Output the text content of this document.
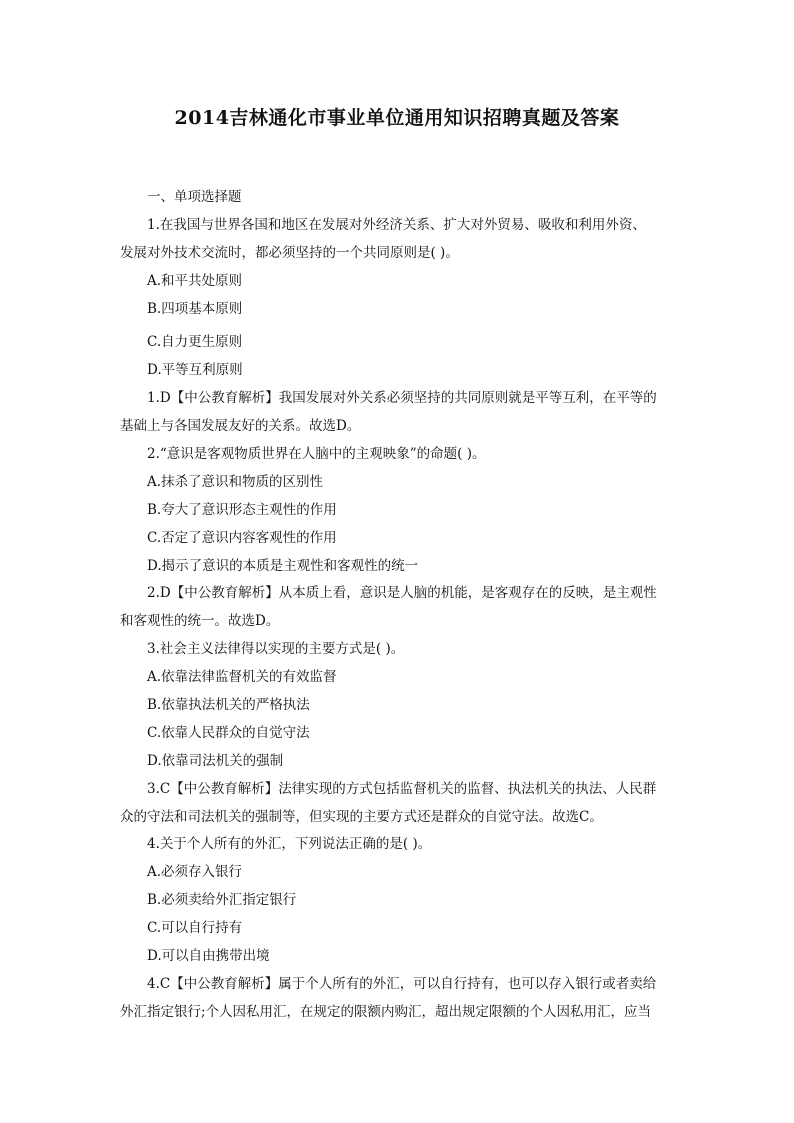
2014吉林通化市事业单位通用知识招聘真题及答案
一、单项选择题
1.在我国与世界各国和地区在发展对外经济关系、扩大对外贸易、吸收和利用外资、
发展对外技术交流时，都必须坚持的一个共同原则是( )。
A.和平共处原则
B.四项基本原则
C.自力更生原则
D.平等互利原则
1.D【中公教育解析】我国发展对外关系必须坚持的共同原则就是平等互利，在平等的
基础上与各国发展友好的关系。故选D。
2.“意识是客观物质世界在人脑中的主观映象”的命题( )。
A.抹杀了意识和物质的区别性
B.夸大了意识形态主观性的作用
C.否定了意识内容客观性的作用
D.揭示了意识的本质是主观性和客观性的统一
2.D【中公教育解析】从本质上看，意识是人脑的机能，是客观存在的反映，是主观性
和客观性的统一。故选D。
3.社会主义法律得以实现的主要方式是( )。
A.依靠法律监督机关的有效监督
B.依靠执法机关的严格执法
C.依靠人民群众的自觉守法
D.依靠司法机关的强制
3.C【中公教育解析】法律实现的方式包括监督机关的监督、执法机关的执法、人民群
众的守法和司法机关的强制等，但实现的主要方式还是群众的自觉守法。故选C。
4.关于个人所有的外汇，下列说法正确的是( )。
A.必须存入银行
B.必须卖给外汇指定银行
C.可以自行持有
D.可以自由携带出境
4.C【中公教育解析】属于个人所有的外汇，可以自行持有，也可以存入银行或者卖给
外汇指定银行;个人因私用汇，在规定的限额内购汇，超出规定限额的个人因私用汇，应当
